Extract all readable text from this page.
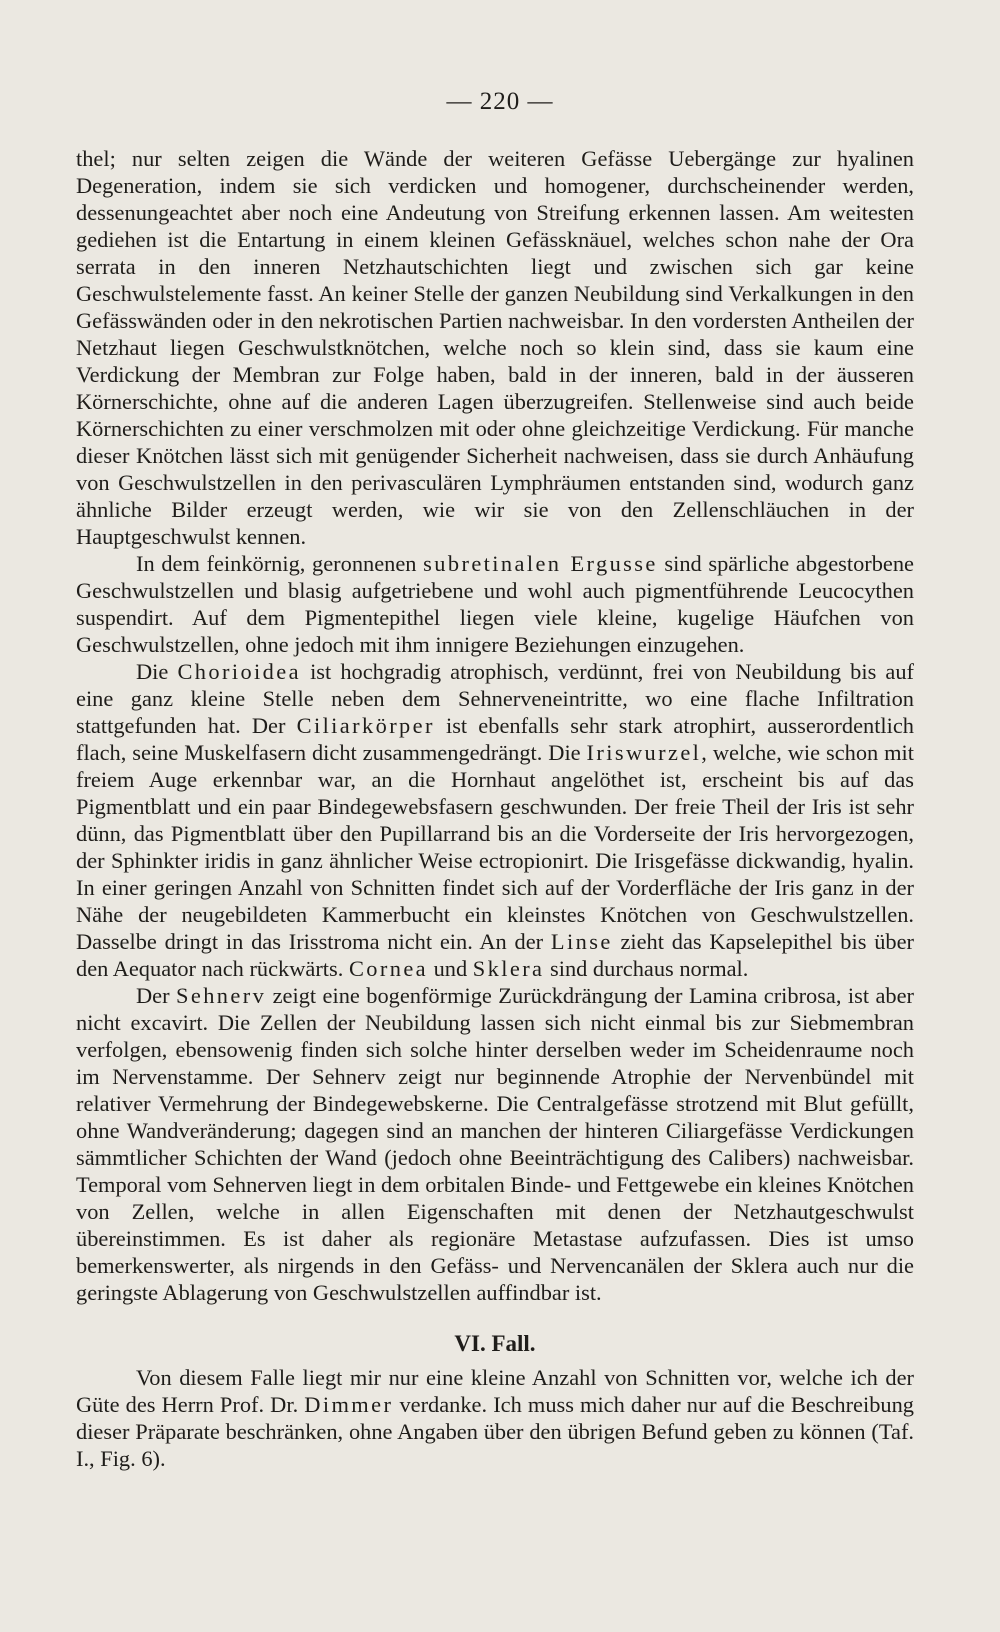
— 220 —

thel; nur selten zeigen die Wände der weiteren Gefässe Uebergänge zur hyalinen Degeneration, indem sie sich verdicken und homogener, durchscheinender werden, dessenungeachtet aber noch eine Andeutung von Streifung erkennen lassen. Am weitesten gediehen ist die Entartung in einem kleinen Gefässknäuel, welches schon nahe der Ora serrata in den inneren Netzhautschichten liegt und zwischen sich gar keine Geschwulstelemente fasst. An keiner Stelle der ganzen Neubildung sind Verkalkungen in den Gefässwänden oder in den nekrotischen Partien nachweisbar. In den vordersten Antheilen der Netzhaut liegen Geschwulstknötchen, welche noch so klein sind, dass sie kaum eine Verdickung der Membran zur Folge haben, bald in der inneren, bald in der äusseren Körnerschichte, ohne auf die anderen Lagen überzugreifen. Stellenweise sind auch beide Körnerschichten zu einer verschmolzen mit oder ohne gleichzeitige Verdickung. Für manche dieser Knötchen lässt sich mit genügender Sicherheit nachweisen, dass sie durch Anhäufung von Geschwulstzellen in den perivasculären Lymphräumen entstanden sind, wodurch ganz ähnliche Bilder erzeugt werden, wie wir sie von den Zellenschläuchen in der Hauptgeschwulst kennen.

In dem feinkörnig, geronnenen subretinalen Ergusse sind spärliche abgestorbene Geschwulstzellen und blasig aufgetriebene und wohl auch pigmentführende Leucocythen suspendirt. Auf dem Pigmentepithel liegen viele kleine, kugelige Häufchen von Geschwulstzellen, ohne jedoch mit ihm innigere Beziehungen einzugehen.

Die Chorioidea ist hochgradig atrophisch, verdünnt, frei von Neubildung bis auf eine ganz kleine Stelle neben dem Sehnerveneintritte, wo eine flache Infiltration stattgefunden hat. Der Ciliarkörper ist ebenfalls sehr stark atrophirt, ausserordentlich flach, seine Muskelfasern dicht zusammengedrängt. Die Iriswurzel, welche, wie schon mit freiem Auge erkennbar war, an die Hornhaut angelöthet ist, erscheint bis auf das Pigmentblatt und ein paar Bindegewebsfasern geschwunden. Der freie Theil der Iris ist sehr dünn, das Pigmentblatt über den Pupillarrand bis an die Vorderseite der Iris hervorgezogen, der Sphinkter iridis in ganz ähnlicher Weise ectropionirt. Die Irisgefässe dickwandig, hyalin. In einer geringen Anzahl von Schnitten findet sich auf der Vorderfläche der Iris ganz in der Nähe der neugebildeten Kammerbucht ein kleinstes Knötchen von Geschwulstzellen. Dasselbe dringt in das Irisstroma nicht ein. An der Linse zieht das Kapselepithel bis über den Aequator nach rückwärts. Cornea und Sklera sind durchaus normal.

Der Sehnerv zeigt eine bogenförmige Zurückdrängung der Lamina cribrosa, ist aber nicht excavirt. Die Zellen der Neubildung lassen sich nicht einmal bis zur Siebmembran verfolgen, ebensowenig finden sich solche hinter derselben weder im Scheidenraume noch im Nervenstamme. Der Sehnerv zeigt nur beginnende Atrophie der Nervenbündel mit relativer Vermehrung der Bindegewebskerne. Die Centralgefässe strotzend mit Blut gefüllt, ohne Wandveränderung; dagegen sind an manchen der hinteren Ciliargefässe Verdickungen sämmtlicher Schichten der Wand (jedoch ohne Beeinträchtigung des Calibers) nachweisbar. Temporal vom Sehnerven liegt in dem orbitalen Binde- und Fettgewebe ein kleines Knötchen von Zellen, welche in allen Eigenschaften mit denen der Netzhautgeschwulst übereinstimmen. Es ist daher als regionäre Metastase aufzufassen. Dies ist umso bemerkenswerter, als nirgends in den Gefäss- und Nervencanälen der Sklera auch nur die geringste Ablagerung von Geschwulstzellen auffindbar ist.

VI. Fall.

Von diesem Falle liegt mir nur eine kleine Anzahl von Schnitten vor, welche ich der Güte des Herrn Prof. Dr. Dimmer verdanke. Ich muss mich daher nur auf die Beschreibung dieser Präparate beschränken, ohne Angaben über den übrigen Befund geben zu können (Taf. I., Fig. 6).
